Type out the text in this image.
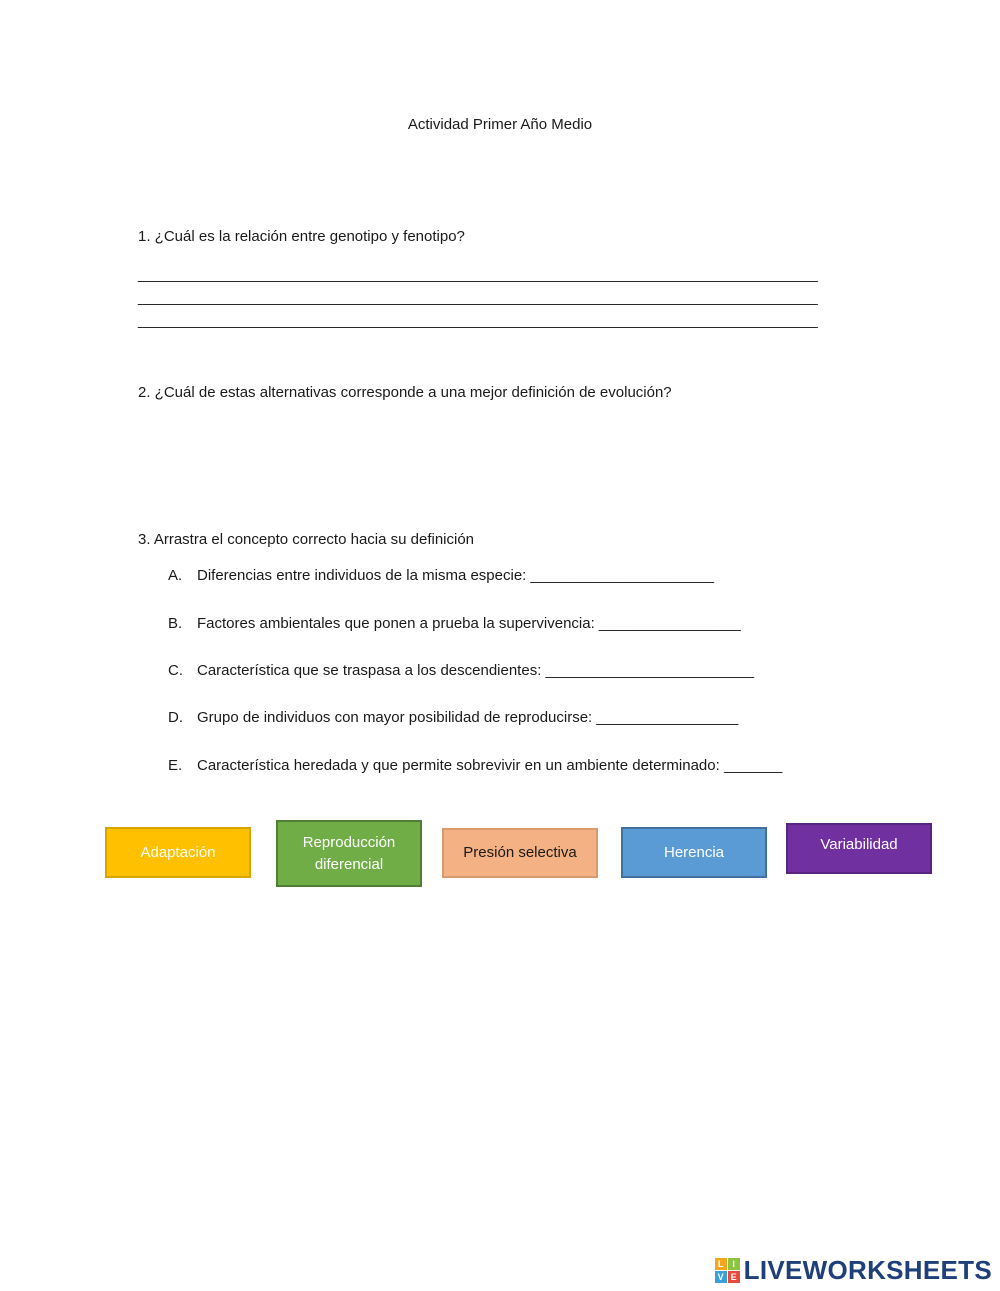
Actividad Primer Año Medio
1. ¿Cuál es la relación entre genotipo y fenotipo?
_____________________________________________________________________________________
_____________________________________________________________________________________
_____________________________________________________________________________________
2. ¿Cuál de estas alternativas corresponde a una mejor definición de evolución?
3. Arrastra el concepto correcto hacia su definición
A. Diferencias entre individuos de la misma especie: ______________________
B. Factores ambientales que ponen a prueba la supervivencia: _________________
C. Característica que se traspasa a los descendientes: _________________________
D. Grupo de individuos con mayor posibilidad de reproducirse: _________________
E. Característica heredada y que permite sobrevivir en un ambiente determinado: _______
Adaptación
Reproducción
diferencial
Presión selectiva	Herencia	Variabilidad
L I
V E LIVEWORKSHEETS
